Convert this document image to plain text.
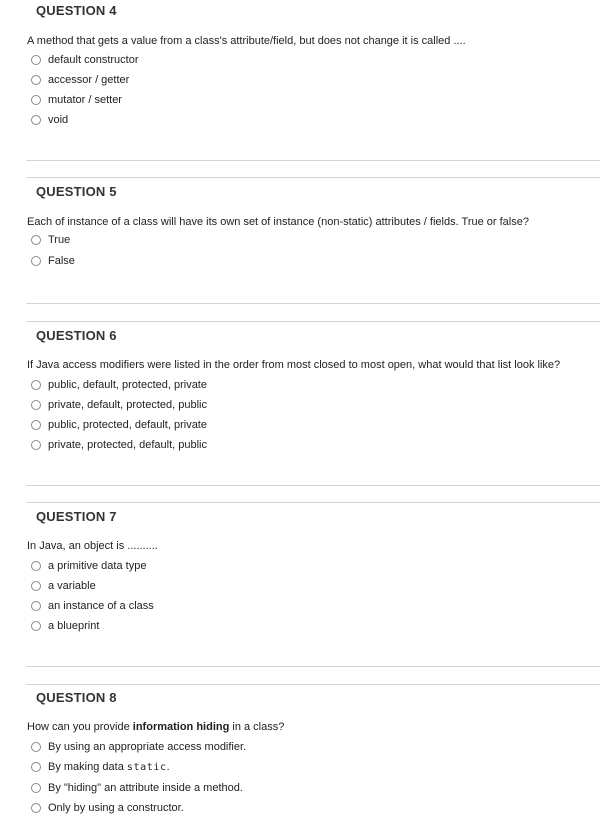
QUESTION 4
A method that gets a value from a class's attribute/field, but does not change it is called ....
default constructor
accessor / getter
mutator / setter
void
QUESTION 5
Each of instance of a class will have its own set of instance (non-static) attributes / fields. True or false?
True
False
QUESTION 6
If Java access modifiers were listed in the order from most closed to most open, what would that list look like?
public, default, protected, private
private, default, protected, public
public, protected, default, private
private, protected, default, public
QUESTION 7
In Java, an object is ..........
a primitive data type
a variable
an instance of a class
a blueprint
QUESTION 8
How can you provide information hiding in a class?
By using an appropriate access modifier.
By making data static.
By "hiding" an attribute inside a method.
Only by using a constructor.
